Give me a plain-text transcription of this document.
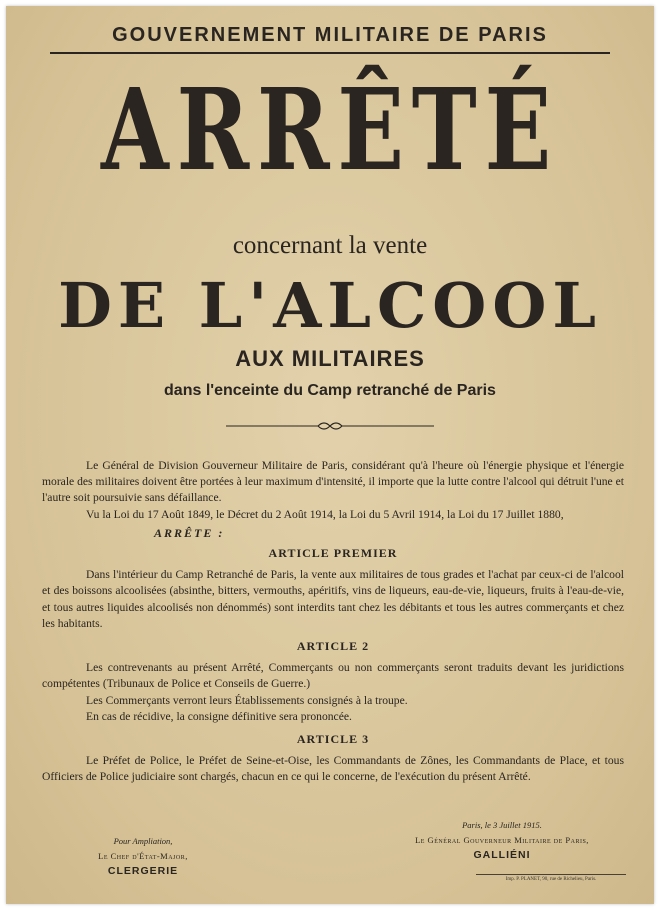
GOUVERNEMENT MILITAIRE DE PARIS
ARRÊTÉ
concernant la vente
DE L'ALCOOL
AUX MILITAIRES
dans l'enceinte du Camp retranché de Paris

Le Général de Division Gouverneur Militaire de Paris, considérant qu'à l'heure où l'énergie physique et l'énergie morale des militaires doivent être portées à leur maximum d'intensité, il importe que la lutte contre l'alcool qui détruit l'une et l'autre soit poursuivie sans défaillance.

Vu la Loi du 17 Août 1849, le Décret du 2 Août 1914, la Loi du 5 Avril 1914, la Loi du 17 Juillet 1880,

ARRÊTE :
ARTICLE PREMIER

Dans l'intérieur du Camp Retranché de Paris, la vente aux militaires de tous grades et l'achat par ceux-ci de l'alcool et des boissons alcoolisées (absinthe, bitters, vermouths, apéritifs, vins de liqueurs, eau-de-vie, liqueurs, fruits à l'eau-de-vie, et tous autres liquides alcoolisés non dénommés) sont interdits tant chez les débitants et tous les autres commerçants et chez les habitants.

ARTICLE 2

Les contrevenants au présent Arrêté, Commerçants ou non commerçants seront traduits devant les juridictions compétentes (Tribunaux de Police et Conseils de Guerre.)

Les Commerçants verront leurs Établissements consignés à la troupe.

En cas de récidive, la consigne définitive sera prononcée.

ARTICLE 3

Le Préfet de Police, le Préfet de Seine-et-Oise, les Commandants de Zônes, les Commandants de Place, et tous Officiers de Police judiciaire sont chargés, chacun en ce qui le concerne, de l'exécution du présent Arrêté.

Pour Ampliation,
Le Chef d'État-Major,
CLERGERIE
Paris, le 3 Juillet 1915.
Le Général Gouverneur Militaire de Paris,
GALLIÉNI
Imp. P. PLANET, 90, rue de Richelieu, Paris.
